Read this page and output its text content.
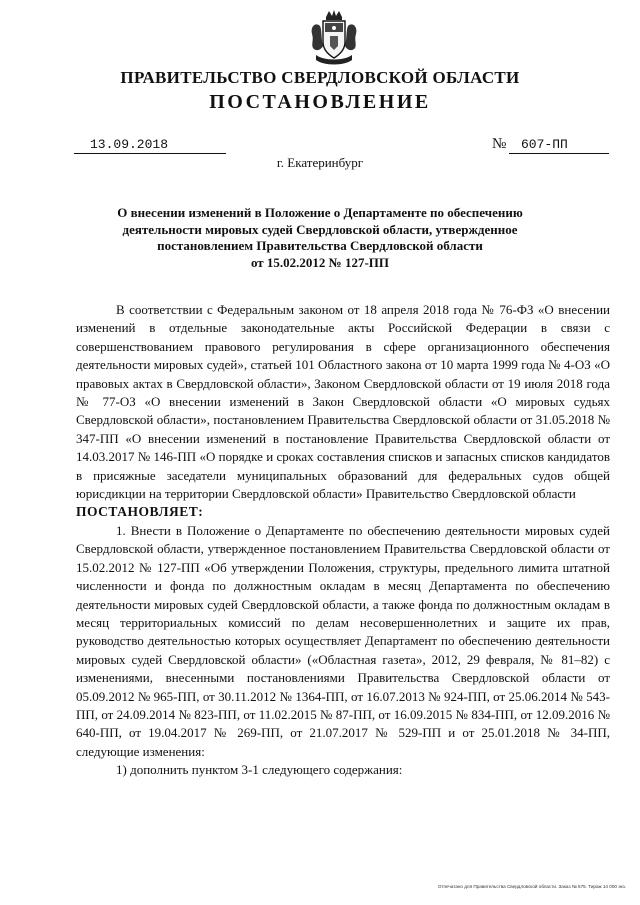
ПРАВИТЕЛЬСТВО СВЕРДЛОВСКОЙ ОБЛАСТИ
ПОСТАНОВЛЕНИЕ
13.09.2018	№	607-ПП
г. Екатеринбург
О внесении изменений в Положение о Департаменте по обеспечению
деятельности мировых судей Свердловской области, утвержденное
постановлением Правительства Свердловской области
от 15.02.2012 № 127-ПП

В соответствии с Федеральным законом от 18 апреля 2018 года № 76-ФЗ «О внесении изменений в отдельные законодательные акты Российской Федерации в связи с совершенствованием правового регулирования в сфере организационного обеспечения деятельности мировых судей», статьей 101 Областного закона от 10 марта 1999 года № 4-ОЗ «О правовых актах в Свердловской области», Законом Свердловской области от 19 июля 2018 года № 77-ОЗ «О внесении изменений в Закон Свердловской области «О мировых судьях Свердловской области», постановлением Правительства Свердловской области от 31.05.2018 № 347-ПП «О внесении изменений в постановление Правительства Свердловской области от 14.03.2017 № 146-ПП «О порядке и сроках составления списков и запасных списков кандидатов в присяжные заседатели муниципальных образований для федеральных судов общей юрисдикции на территории Свердловской области» Правительство Свердловской области

ПОСТАНОВЛЯЕТ:

1. Внести в Положение о Департаменте по обеспечению деятельности мировых судей Свердловской области, утвержденное постановлением Правительства Свердловской области от 15.02.2012 № 127-ПП «Об утверждении Положения, структуры, предельного лимита штатной численности и фонда по должностным окладам в месяц Департамента по обеспечению деятельности мировых судей Свердловской области, а также фонда по должностным окладам в месяц территориальных комиссий по делам несовершеннолетних и защите их прав, руководство деятельностью которых осуществляет Департамент по обеспечению деятельности мировых судей Свердловской области» («Областная газета», 2012, 29 февраля, № 81–82) с изменениями, внесенными постановлениями Правительства Свердловской области от 05.09.2012 № 965-ПП, от 30.11.2012 № 1364-ПП, от 16.07.2013 № 924-ПП, от 25.06.2014 № 543-ПП, от 24.09.2014 № 823-ПП, от 11.02.2015 № 87-ПП, от 16.09.2015 № 834-ПП, от 12.09.2016 № 640-ПП, от 19.04.2017 № 269-ПП, от 21.07.2017 № 529-ПП и от 25.01.2018 № 34-ПП, следующие изменения:

1) дополнить пунктом 3-1 следующего содержания:

Отпечатано для Правительства Свердловской области. Заказ № 575. Тираж 14 000 экз.
